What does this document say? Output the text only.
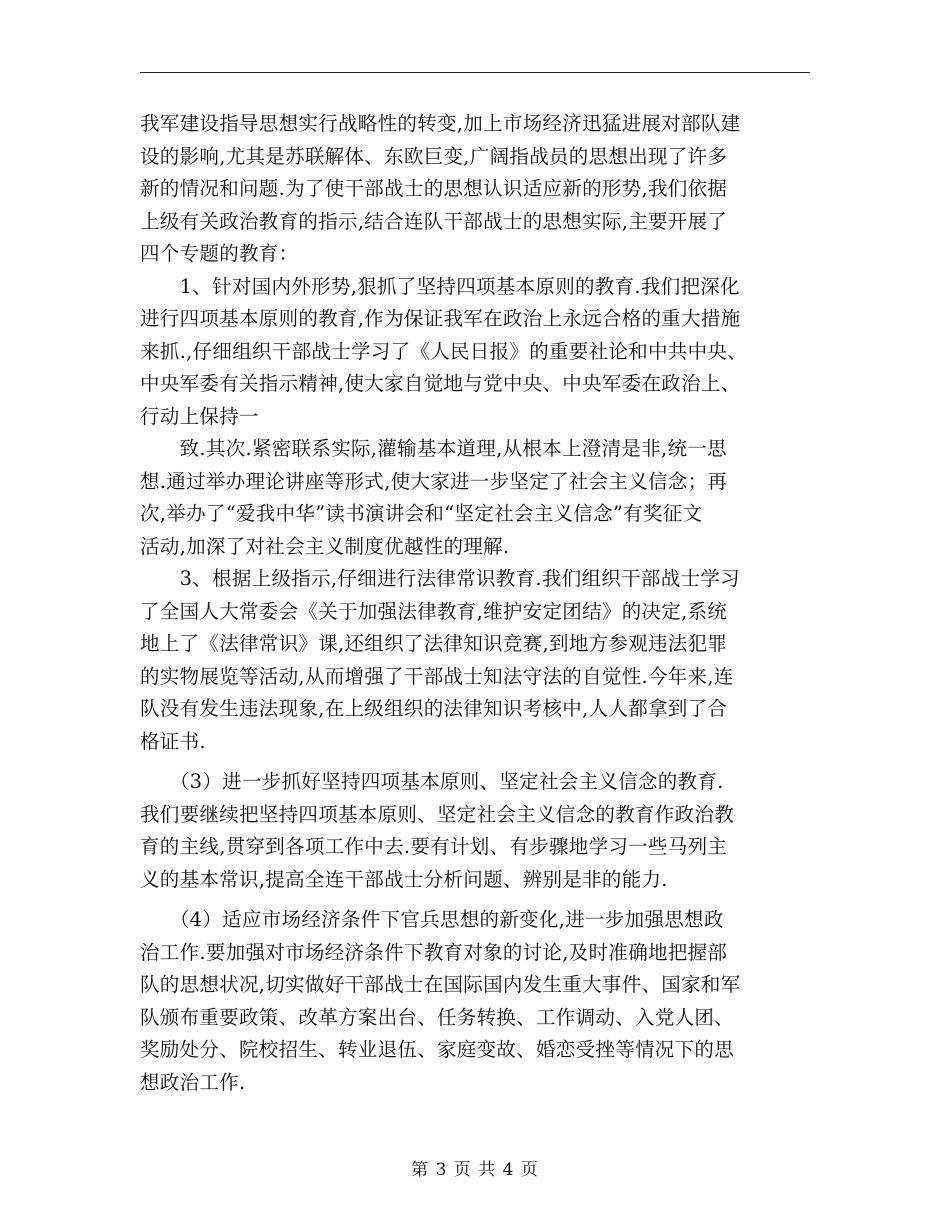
我军建设指导思想实行战略性的转变,加上市场经济迅猛进展对部队建
设的影响,尤其是苏联解体、东欧巨变,广阔指战员的思想出现了许多
新的情况和问题.为了使干部战士的思想认识适应新的形势,我们依据
上级有关政治教育的指示,结合连队干部战士的思想实际,主要开展了
四个专题的教育：
　　1、针对国内外形势,狠抓了坚持四项基本原则的教育.我们把深化
进行四项基本原则的教育,作为保证我军在政治上永远合格的重大措施
来抓.,仔细组织干部战士学习了《人民日报》的重要社论和中共中央、
中央军委有关指示精神,使大家自觉地与党中央、中央军委在政治上、
行动上保持一
　　致.其次.紧密联系实际,灌输基本道理,从根本上澄清是非,统一思
想.通过举办理论讲座等形式,使大家进一步坚定了社会主义信念；再
次,举办了“爱我中华”读书演讲会和“坚定社会主义信念”有奖征文
活动,加深了对社会主义制度优越性的理解.
　　3、根据上级指示,仔细进行法律常识教育.我们组织干部战士学习
了全国人大常委会《关于加强法律教育,维护安定团结》的决定,系统
地上了《法律常识》课,还组织了法律知识竞赛,到地方参观违法犯罪
的实物展览等活动,从而增强了干部战士知法守法的自觉性.今年来,连
队没有发生违法现象,在上级组织的法律知识考核中,人人都拿到了合
格证书.
　　（3）进一步抓好坚持四项基本原则、坚定社会主义信念的教育.
我们要继续把坚持四项基本原则、坚定社会主义信念的教育作政治教
育的主线,贯穿到各项工作中去.要有计划、有步骤地学习一些马列主
义的基本常识,提高全连干部战士分析问题、辨别是非的能力.
　　（4）适应市场经济条件下官兵思想的新变化,进一步加强思想政
治工作.要加强对市场经济条件下教育对象的讨论,及时准确地把握部
队的思想状况,切实做好干部战士在国际国内发生重大事件、国家和军
队颁布重要政策、改革方案出台、任务转换、工作调动、入党人团、
奖励处分、院校招生、转业退伍、家庭变故、婚恋受挫等情况下的思
想政治工作.
第 3 页 共 4 页
